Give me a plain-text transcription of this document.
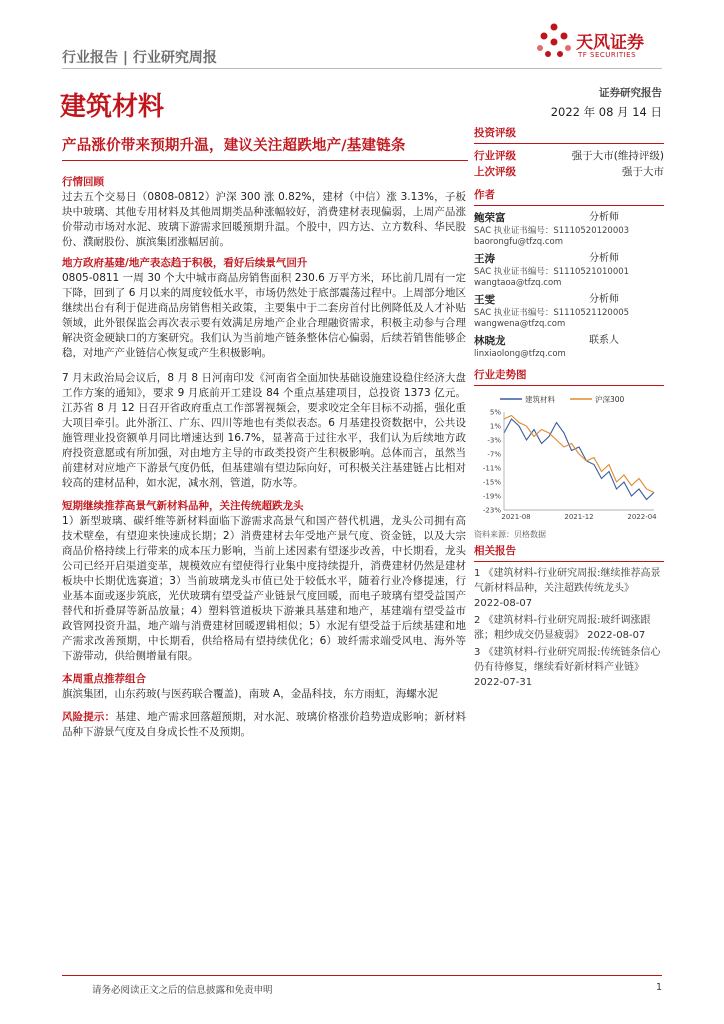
行业报告 | 行业研究周报
天风证券
TF SECURITIES
建筑材料	证券研究报告
2022 年 08 月 14 日
产品涨价带来预期升温，建议关注超跌地产/基建链条

行情回顾

过去五个交易日（0808-0812）沪深 300 涨 0.82%，建材（中信）涨 3.13%，子板块中玻璃、其他专用材料及其他周期类品种涨幅较好，消费建材表现偏弱，上周产品涨价带动市场对水泥、玻璃下游需求回暖预期升温。个股中，四方达、立方数科、华民股份、濮耐股份、旗滨集团涨幅居前。

地方政府基建/地产表态趋于积极，看好后续景气回升

0805-0811 一周 30 个大中城市商品房销售面积 230.6 万平方米，环比前几周有一定下降，回到了 6 月以来的周度较低水平，市场仍然处于底部震荡过程中。上周部分地区继续出台有利于促进商品房销售相关政策，主要集中于二套房首付比例降低及人才补贴领域，此外银保监会再次表示要有效满足房地产企业合理融资需求，积极主动参与合理解决资金硬缺口的方案研究。我们认为当前地产链条整体信心偏弱，后续若销售能够企稳，对地产产业链信心恢复或产生积极影响。

7 月末政治局会议后，8 月 8 日河南印发《河南省全面加快基础设施建设稳住经济大盘工作方案的通知》，要求 9 月底前开工建设 84 个重点基建项目，总投资 1373 亿元。江苏省 8 月 12 日召开省政府重点工作部署视频会，要求咬定全年目标不动摇，强化重大项目牵引。此外浙江、广东、四川等地也有类似表态。6 月基建投资数据中，公共设施管理业投资额单月同比增速达到 16.7%，显著高于过往水平，我们认为后续地方政府投资意愿或有所加强，对由地方主导的市政类投资产生积极影响。总体而言，虽然当前建材对应地产下游景气度仍低，但基建端有望边际向好，可积极关注基建链占比相对较高的建材品种，如水泥，减水剂，管道，防水等。

短期继续推荐高景气新材料品种，关注传统超跌龙头

1）新型玻璃、碳纤维等新材料面临下游需求高景气和国产替代机遇，龙头公司拥有高技术壁垒，有望迎来快速成长期；2）消费建材去年受地产景气度、资金链，以及大宗商品价格持续上行带来的成本压力影响，当前上述因素有望逐步改善，中长期看，龙头公司已经开启渠道变革，规模效应有望使得行业集中度持续提升，消费建材仍然是建材板块中长期优选赛道；3）当前玻璃龙头市值已处于较低水平，随着行业冷修提速，行业基本面或逐步筑底，光伏玻璃有望受益产业链景气度回暖，而电子玻璃有望受益国产替代和折叠屏等新品放量；4）塑料管道板块下游兼具基建和地产，基建端有望受益市政管网投资升温，地产端与消费建材回暖逻辑相似；5）水泥有望受益于后续基建和地产需求改善预期，中长期看，供给格局有望持续优化；6）玻纤需求端受风电、海外等下游带动，供给侧增量有限。

本周重点推荐组合

旗滨集团，山东药玻(与医药联合覆盖)，南玻 A，金晶科技，东方雨虹，海螺水泥

风险提示：基建、地产需求回落超预期，对水泥、玻璃价格涨价趋势造成影响；新材料品种下游景气度及自身成长性不及预期。

投资评级
行业评级	强于大市(维持评级)
上次评级	强于大市
作者
鲍荣富	分析师
SAC 执业证书编号：S1110520120003
baorongfu@tfzq.com
王涛	分析师
SAC 执业证书编号：S1110521010001
wangtaoa@tfzq.com
王雯	分析师
SAC 执业证书编号：S1110521120005
wangwena@tfzq.com
林晓龙	联系人
linxiaolong@tfzq.com
行业走势图
建筑材料	沪深300
5%
1%
-3%
-7%
-11%
-15%
-19%
-23%
2021-08	2021-12	2022-04
资料来源：贝格数据
相关报告
1 《建筑材料-行业研究周报:继续推荐高景气新材料品种，关注超跌传统龙头》 2022-08-07
2 《建筑材料-行业研究周报:玻纤调涨跟涨；粗纱成交仍显疲弱》 2022-08-07
3 《建筑材料-行业研究周报:传统链条信心仍有待修复，继续看好新材料产业链》 2022-07-31
请务必阅读正文之后的信息披露和免责申明	1
